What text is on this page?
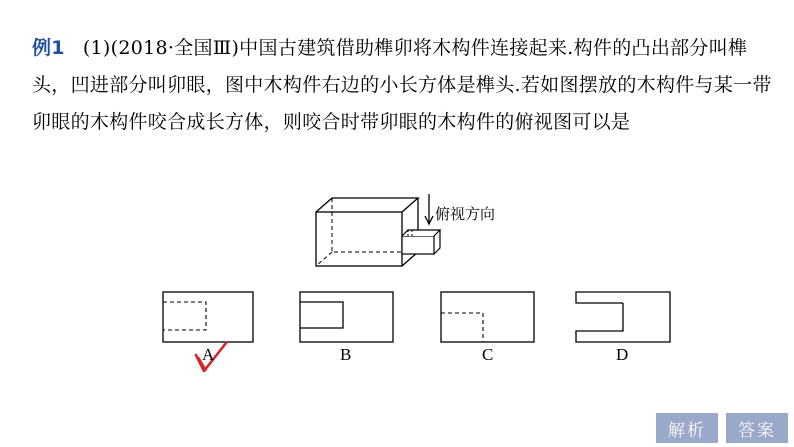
例1 (1)(2018·全国Ⅲ)中国古建筑借助榫卯将木构件连接起来.构件的凸出部分叫榫头，凹进部分叫卯眼，图中木构件右边的小长方体是榫头.若如图摆放的木构件与某一带卯眼的木构件咬合成长方体，则咬合时带卯眼的木构件的俯视图可以是
俯视方向
A	B	C	D
解析	答案
